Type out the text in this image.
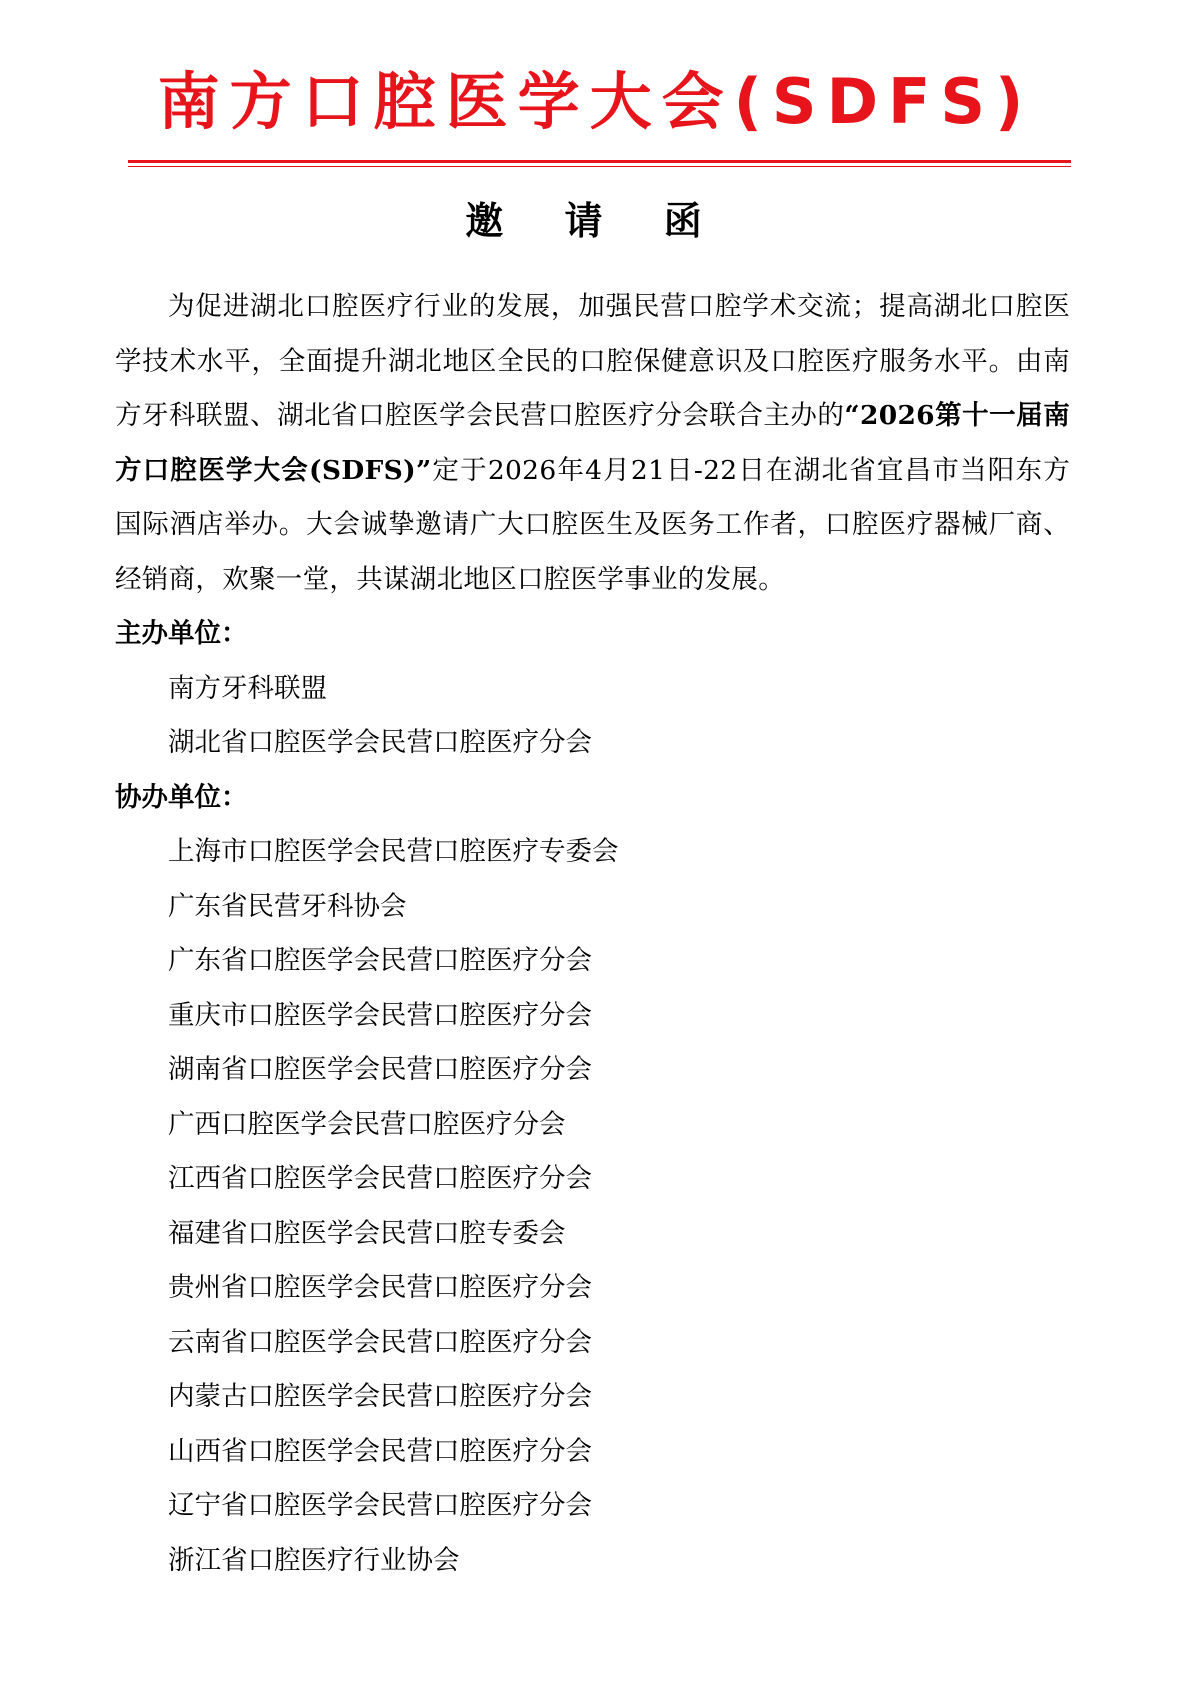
南方口腔医学大会(SDFS)
邀 请 函

为促进湖北口腔医疗行业的发展，加强民营口腔学术交流；提高湖北口腔医学技术水平，全面提升湖北地区全民的口腔保健意识及口腔医疗服务水平。由南方牙科联盟、湖北省口腔医学会民营口腔医疗分会联合主办的“2026第十一届南方口腔医学大会(SDFS)”定于2026年4月21日-22日在湖北省宜昌市当阳东方国际酒店举办。大会诚挚邀请广大口腔医生及医务工作者，口腔医疗器械厂商、经销商，欢聚一堂，共谋湖北地区口腔医学事业的发展。

主办单位：

南方牙科联盟

湖北省口腔医学会民营口腔医疗分会

协办单位：

上海市口腔医学会民营口腔医疗专委会

广东省民营牙科协会

广东省口腔医学会民营口腔医疗分会

重庆市口腔医学会民营口腔医疗分会

湖南省口腔医学会民营口腔医疗分会

广西口腔医学会民营口腔医疗分会

江西省口腔医学会民营口腔医疗分会

福建省口腔医学会民营口腔专委会

贵州省口腔医学会民营口腔医疗分会

云南省口腔医学会民营口腔医疗分会

内蒙古口腔医学会民营口腔医疗分会

山西省口腔医学会民营口腔医疗分会

辽宁省口腔医学会民营口腔医疗分会

浙江省口腔医疗行业协会
